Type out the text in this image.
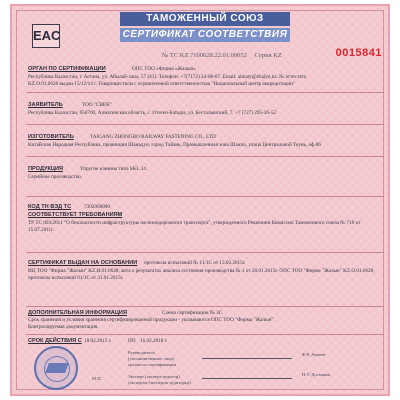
ТАМОЖЕННЫЙ СОЮЗ
СЕРТИФИКАТ СООТВЕТСТВИЯ
EAC
№ ТС KZ.7100628.22.01.00052 Серия KZ	0015841
ОРГАН ПО СЕРТИФИКАЦИИ	ОПС ТОО «Фирма «Жалын»
Республика Казахстан, г. Астана, ул. Абылай-хана, 57 (41). Телефон: +7(7172) 24-08-67. Email: almaty@zhalyn.kz. № аттестата
KZ.O.01.0628 выдан 15/12/14 г. Товариществом с ограниченной ответственностью "Национальный центр аккредитации"
ЗАЯВИТЕЛЬ	ТОО "СВЕК"
Республика Казахстан, 050700, Алматинская область, с. Отеген-Батыра, ул. Бесталынский, 7. +7 (727) 295-36-52
ИЗГОТОВИТЕЛЬ	TAIGANG ZHONGBO RAILWAY FASTENING CO., LTD
Китайская Народная Республика, провинция Шаньдун, город Тайань, Промышленная зона Шанпо, улица Центральной Тоунь, оф.86
ПРОДУКЦИЯ	Упругие клеммы типа SKL 14.
Серийное производство.
КОД ТН ВЭД ТС 7302900000
СООТВЕТСТВУЕТ ТРЕБОВАНИЯМ
ТР ТС 003/2011 "О безопасности инфраструктуры железнодорожного транспорта", утвержденного Решением Комиссии Таможенного союза № 710 от 15.07.2011г.
СЕРТИФИКАТ ВЫДАН НА ОСНОВАНИИ протокола испытаний № 11/1С от 13.02.2015г.
ИЦ ТОО "Фирма "Жалын" KZ.И.01.0628; акта о результатах анализа состояния производства № 1 от 28.01.2015г. ОПС ТОО "Фирма "Жалын" KZ.O.01.0628, протокола испытаний 01/1С от 31.01.2015г.
ДОПОЛНИТЕЛЬНАЯ ИНФОРМАЦИЯ	Схема сертификации № 3С.
Срок хранения и условия хранения сертифицированной продукции - указываются ОПС ТОО "Фирма "Жалын".
Контролируемая документация.
СРОК ДЕЙСТВИЯ С 18.02.2015 г.	ПО 16.02.2018 г.
М.П.
Руководитель
(уполномоченное лицо)
органа по сертификации
Ф.Р. Амзеев
Эксперт (эксперт-аудитор)
(эксперты (эксперты-аудиторы))
Н.У. Досмаков
